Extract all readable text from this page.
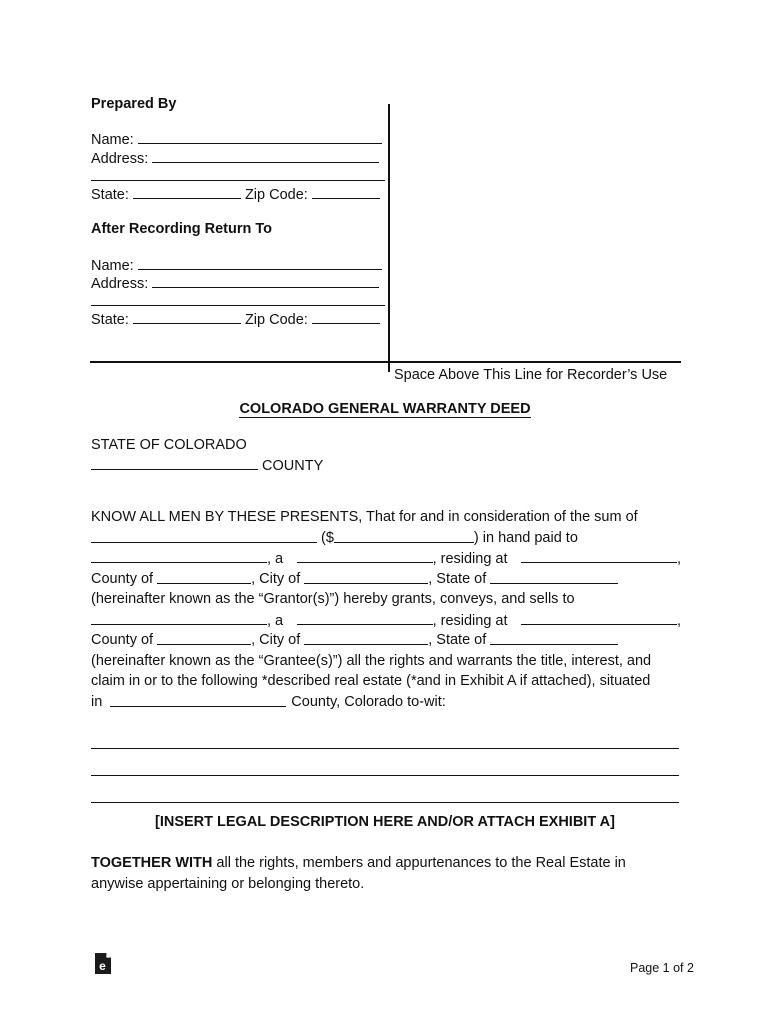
Prepared By
Name:
Address:
State:	Zip Code:
After Recording Return To
Name:
Address:
State:	Zip Code:
Space Above This Line for Recorder’s Use
COLORADO GENERAL WARRANTY DEED
STATE OF COLORADO
COUNTY
KNOW ALL MEN BY THESE PRESENTS, That for and in consideration of the sum of
($	) in hand paid to
, a	, residing at	,
County of	, City of	, State of
(hereinafter known as the “Grantor(s)”) hereby grants, conveys, and sells to
, a	, residing at	,
County of	, City of	, State of
(hereinafter known as the “Grantee(s)”) all the rights and warrants the title, interest, and
claim in or to the following *described real estate (*and in Exhibit A if attached), situated
in	County, Colorado to-wit:
[INSERT LEGAL DESCRIPTION HERE AND/OR ATTACH EXHIBIT A]
TOGETHER WITH all the rights, members and appurtenances to the Real Estate in
anywise appertaining or belonging thereto.
e	Page 1 of 2
